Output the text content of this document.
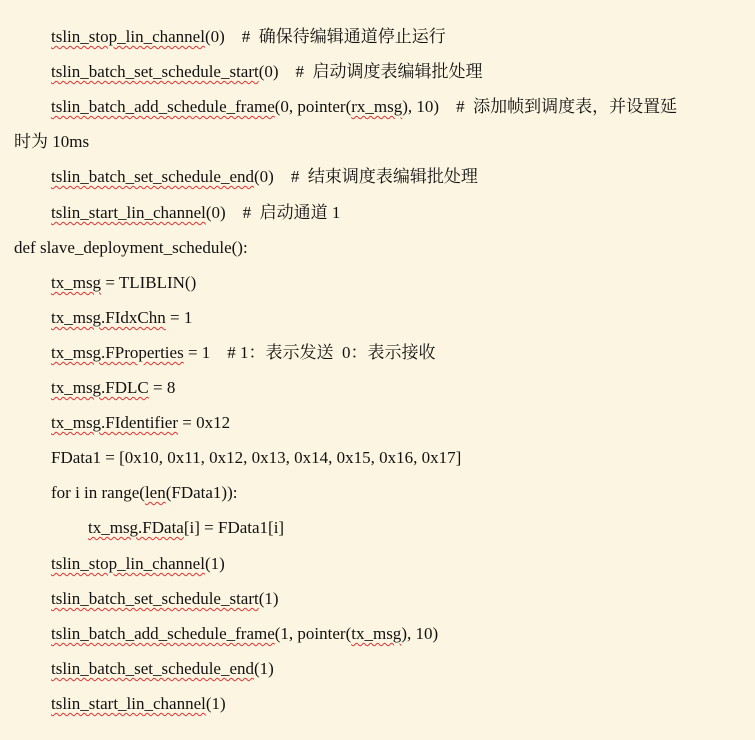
tslin_stop_lin_channel(0)    #  确保待编辑通道停止运行
tslin_batch_set_schedule_start(0)    #  启动调度表编辑批处理
tslin_batch_add_schedule_frame(0, pointer(rx_msg), 10)    #  添加帧到调度表，并设置延
时为 10ms
tslin_batch_set_schedule_end(0)    #  结束调度表编辑批处理
tslin_start_lin_channel(0)    #  启动通道 1
def slave_deployment_schedule():
tx_msg = TLIBLIN()
tx_msg.FIdxChn = 1
tx_msg.FProperties = 1    # 1：表示发送  0：表示接收
tx_msg.FDLC = 8
tx_msg.FIdentifier = 0x12
FData1 = [0x10, 0x11, 0x12, 0x13, 0x14, 0x15, 0x16, 0x17]
for i in range(len(FData1)):
tx_msg.FData[i] = FData1[i]
tslin_stop_lin_channel(1)
tslin_batch_set_schedule_start(1)
tslin_batch_add_schedule_frame(1, pointer(tx_msg), 10)
tslin_batch_set_schedule_end(1)
tslin_start_lin_channel(1)
